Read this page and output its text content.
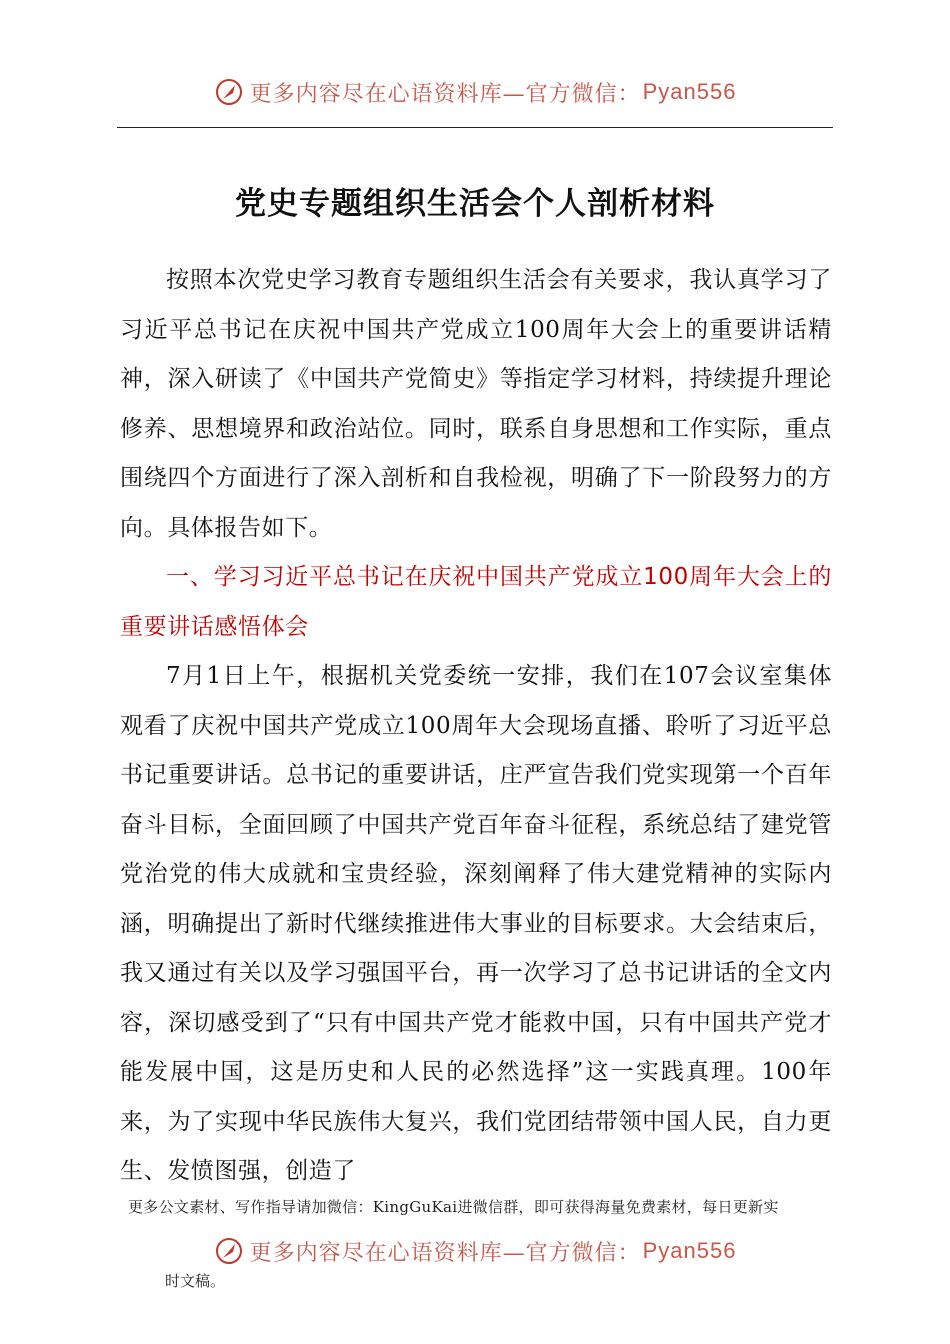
更多内容尽在心语资料库—官方微信： Pyan556
党史专题组织生活会个人剖析材料

按照本次党史学习教育专题组织生活会有关要求，我认真学习了习近平总书记在庆祝中国共产党成立100周年大会上的重要讲话精神，深入研读了《中国共产党简史》等指定学习材料，持续提升理论修养、思想境界和政治站位。同时，联系自身思想和工作实际，重点围绕四个方面进行了深入剖析和自我检视，明确了下一阶段努力的方向。具体报告如下。

一、学习习近平总书记在庆祝中国共产党成立100周年大会上的重要讲话感悟体会

7月1日上午，根据机关党委统一安排，我们在107会议室集体观看了庆祝中国共产党成立100周年大会现场直播、聆听了习近平总书记重要讲话。总书记的重要讲话，庄严宣告我们党实现第一个百年奋斗目标，全面回顾了中国共产党百年奋斗征程，系统总结了建党管党治党的伟大成就和宝贵经验，深刻阐释了伟大建党精神的实际内涵，明确提出了新时代继续推进伟大事业的目标要求。大会结束后，我又通过有关以及学习强国平台，再一次学习了总书记讲话的全文内容，深切感受到了“只有中国共产党才能救中国，只有中国共产党才能发展中国，这是历史和人民的必然选择”这一实践真理。100年来，为了实现中华民族伟大复兴，我们党团结带领中国人民，自力更生、发愤图强，创造了

更多公文素材、写作指导请加微信：KingGuKai进微信群，即可获得海量免费素材，每日更新实
更多内容尽在心语资料库—官方微信： Pyan556
时文稿。
